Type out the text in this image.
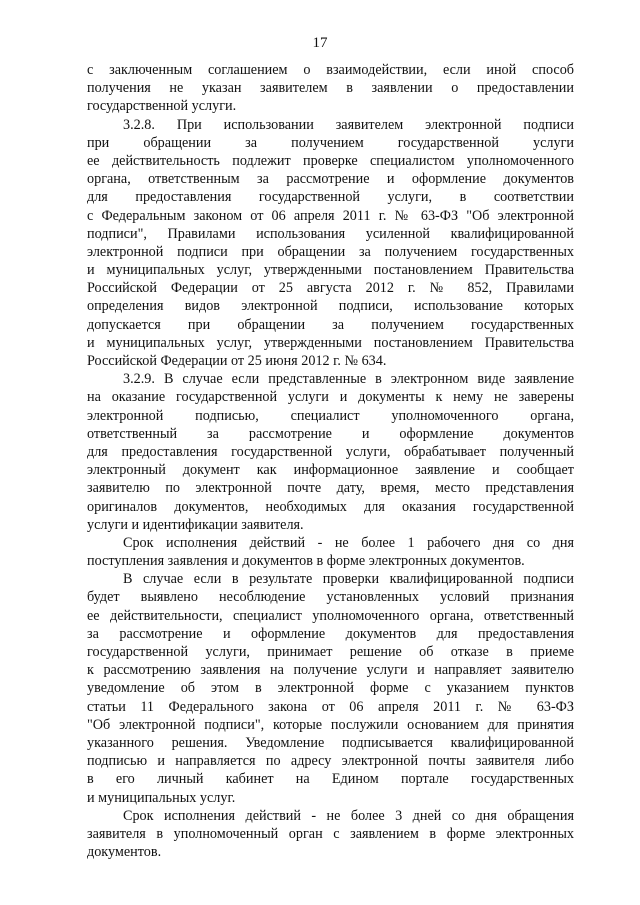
17
с заключенным соглашением о взаимодействии, если иной способ
получения не указан заявителем в заявлении о предоставлении
государственной услуги.
3.2.8. При использовании заявителем электронной подписи
при обращении за получением государственной услуги
ее действительность подлежит проверке специалистом уполномоченного
органа, ответственным за рассмотрение и оформление документов
для предоставления государственной услуги, в соответствии
с Федеральным законом от 06 апреля 2011 г. № 63-ФЗ "Об электронной
подписи", Правилами использования усиленной квалифицированной
электронной подписи при обращении за получением государственных
и муниципальных услуг, утвержденными постановлением Правительства
Российской Федерации от 25 августа 2012 г. № 852, Правилами
определения видов электронной подписи, использование которых
допускается при обращении за получением государственных
и муниципальных услуг, утвержденными постановлением Правительства
Российской Федерации от 25 июня 2012 г. № 634.
3.2.9. В случае если представленные в электронном виде заявление
на оказание государственной услуги и документы к нему не заверены
электронной подписью, специалист уполномоченного органа,
ответственный за рассмотрение и оформление документов
для предоставления государственной услуги, обрабатывает полученный
электронный документ как информационное заявление и сообщает
заявителю по электронной почте дату, время, место представления
оригиналов документов, необходимых для оказания государственной
услуги и идентификации заявителя.
Срок исполнения действий - не более 1 рабочего дня со дня
поступления заявления и документов в форме электронных документов.
В случае если в результате проверки квалифицированной подписи
будет выявлено несоблюдение установленных условий признания
ее действительности, специалист уполномоченного органа, ответственный
за рассмотрение и оформление документов для предоставления
государственной услуги, принимает решение об отказе в приеме
к рассмотрению заявления на получение услуги и направляет заявителю
уведомление об этом в электронной форме с указанием пунктов
статьи 11 Федерального закона от 06 апреля 2011 г. № 63-ФЗ
"Об электронной подписи", которые послужили основанием для принятия
указанного решения. Уведомление подписывается квалифицированной
подписью и направляется по адресу электронной почты заявителя либо
в его личный кабинет на Едином портале государственных
и муниципальных услуг.
Срок исполнения действий - не более 3 дней со дня обращения
заявителя в уполномоченный орган с заявлением в форме электронных
документов.
